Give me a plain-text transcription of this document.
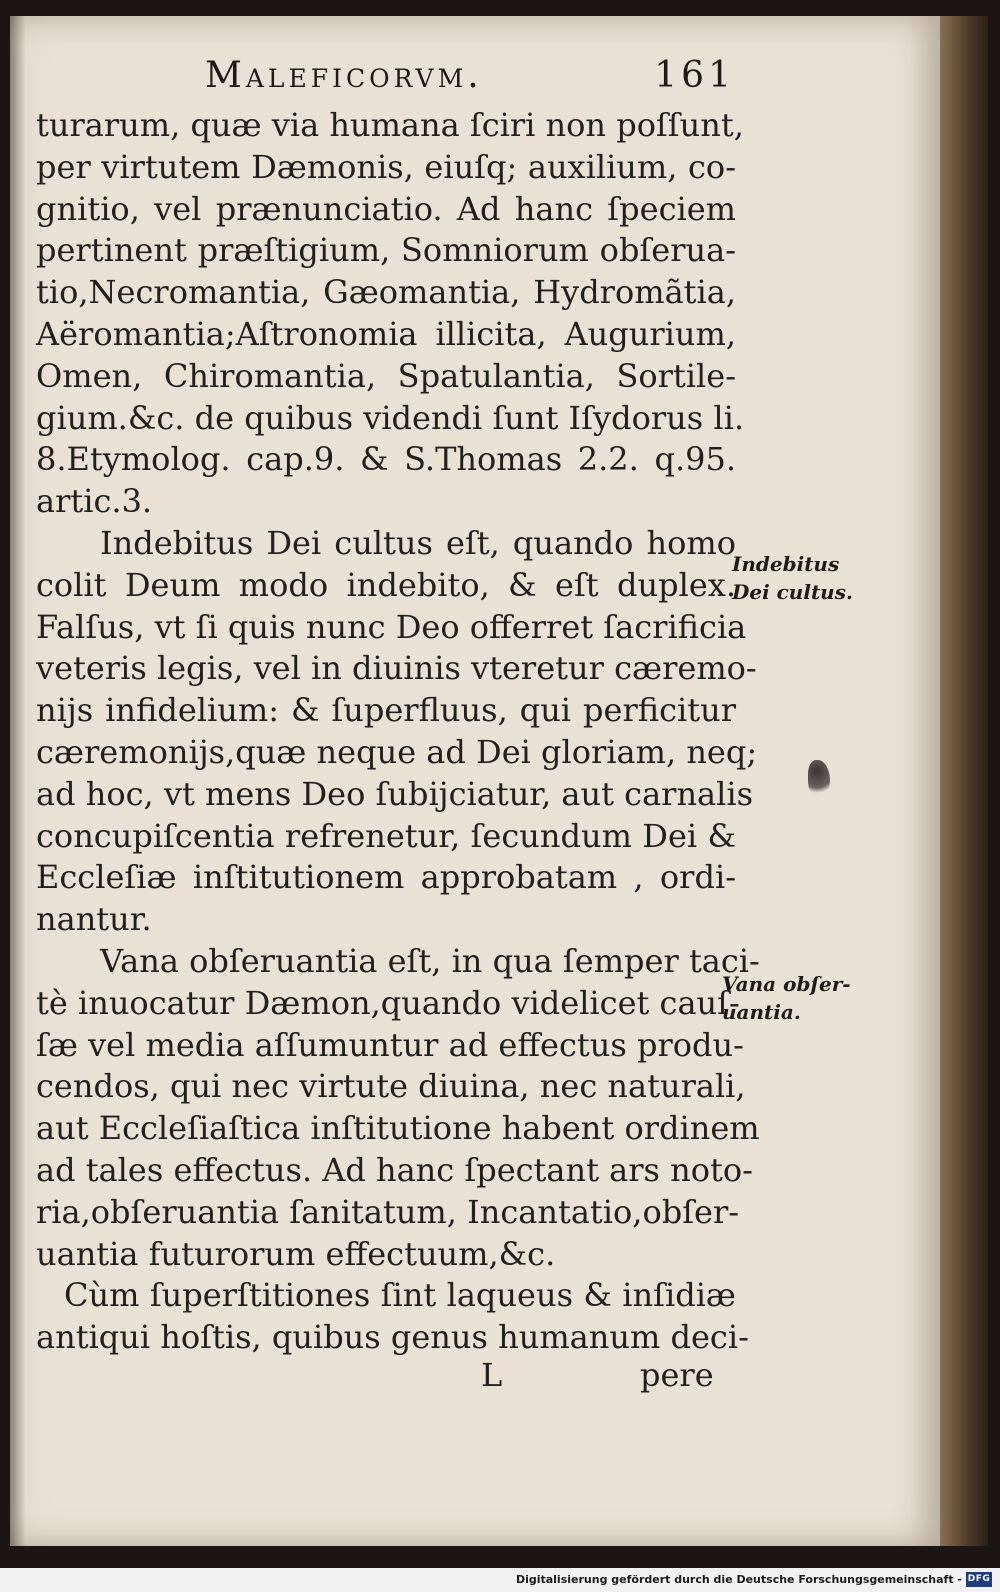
Maleficorvm.	161
turarum, quæ via humana ſciri non poſſunt,
per virtutem Dæmonis, eiuſq; auxilium, co-
gnitio, vel prænunciatio. Ad hanc ſpeciem
pertinent præſtigium, Somniorum obſerua-
tio,Necromantia, Gæomantia, Hydromãtia,
Aëromantia;Aſtronomia illicita, Augurium,
Omen, Chiromantia, Spatulantia, Sortile-
gium.&c. de quibus videndi ſunt Iſydorus li.
8.Etymolog. cap.9. & S.Thomas 2.2. q.95.
artic.3.
Indebitus Dei cultus eſt, quando homo
colit Deum modo indebito, & eſt duplex.
Falſus, vt ſi quis nunc Deo offerret ſacrificia
veteris legis, vel in diuinis vteretur cæremo-
nijs infidelium: & ſuperfluus, qui perficitur
cæremonijs,quæ neque ad Dei gloriam, neq;
ad hoc, vt mens Deo ſubijciatur, aut carnalis
concupiſcentia refrenetur, ſecundum Dei &
Eccleſiæ inſtitutionem approbatam , ordi-
nantur.
Vana obſeruantia eſt, in qua ſemper taci-
tè inuocatur Dæmon,quando videlicet cauſ-
ſæ vel media aſſumuntur ad effectus produ-
cendos, qui nec virtute diuina, nec naturali,
aut Eccleſiaſtica inſtitutione habent ordinem
ad tales effectus. Ad hanc ſpectant ars noto-
ria,obſeruantia ſanitatum, Incantatio,obſer-
uantia futurorum effectuum,&c.
Cùm ſuperſtitiones ſint laqueus & inſidiæ
antiqui hoſtis, quibus genus humanum deci-
L	pere
Indebitus
Dei cultus.
Vana obſer-
uantia.
Digitalisierung gefördert durch die Deutsche Forschungsgemeinschaft - DFG
